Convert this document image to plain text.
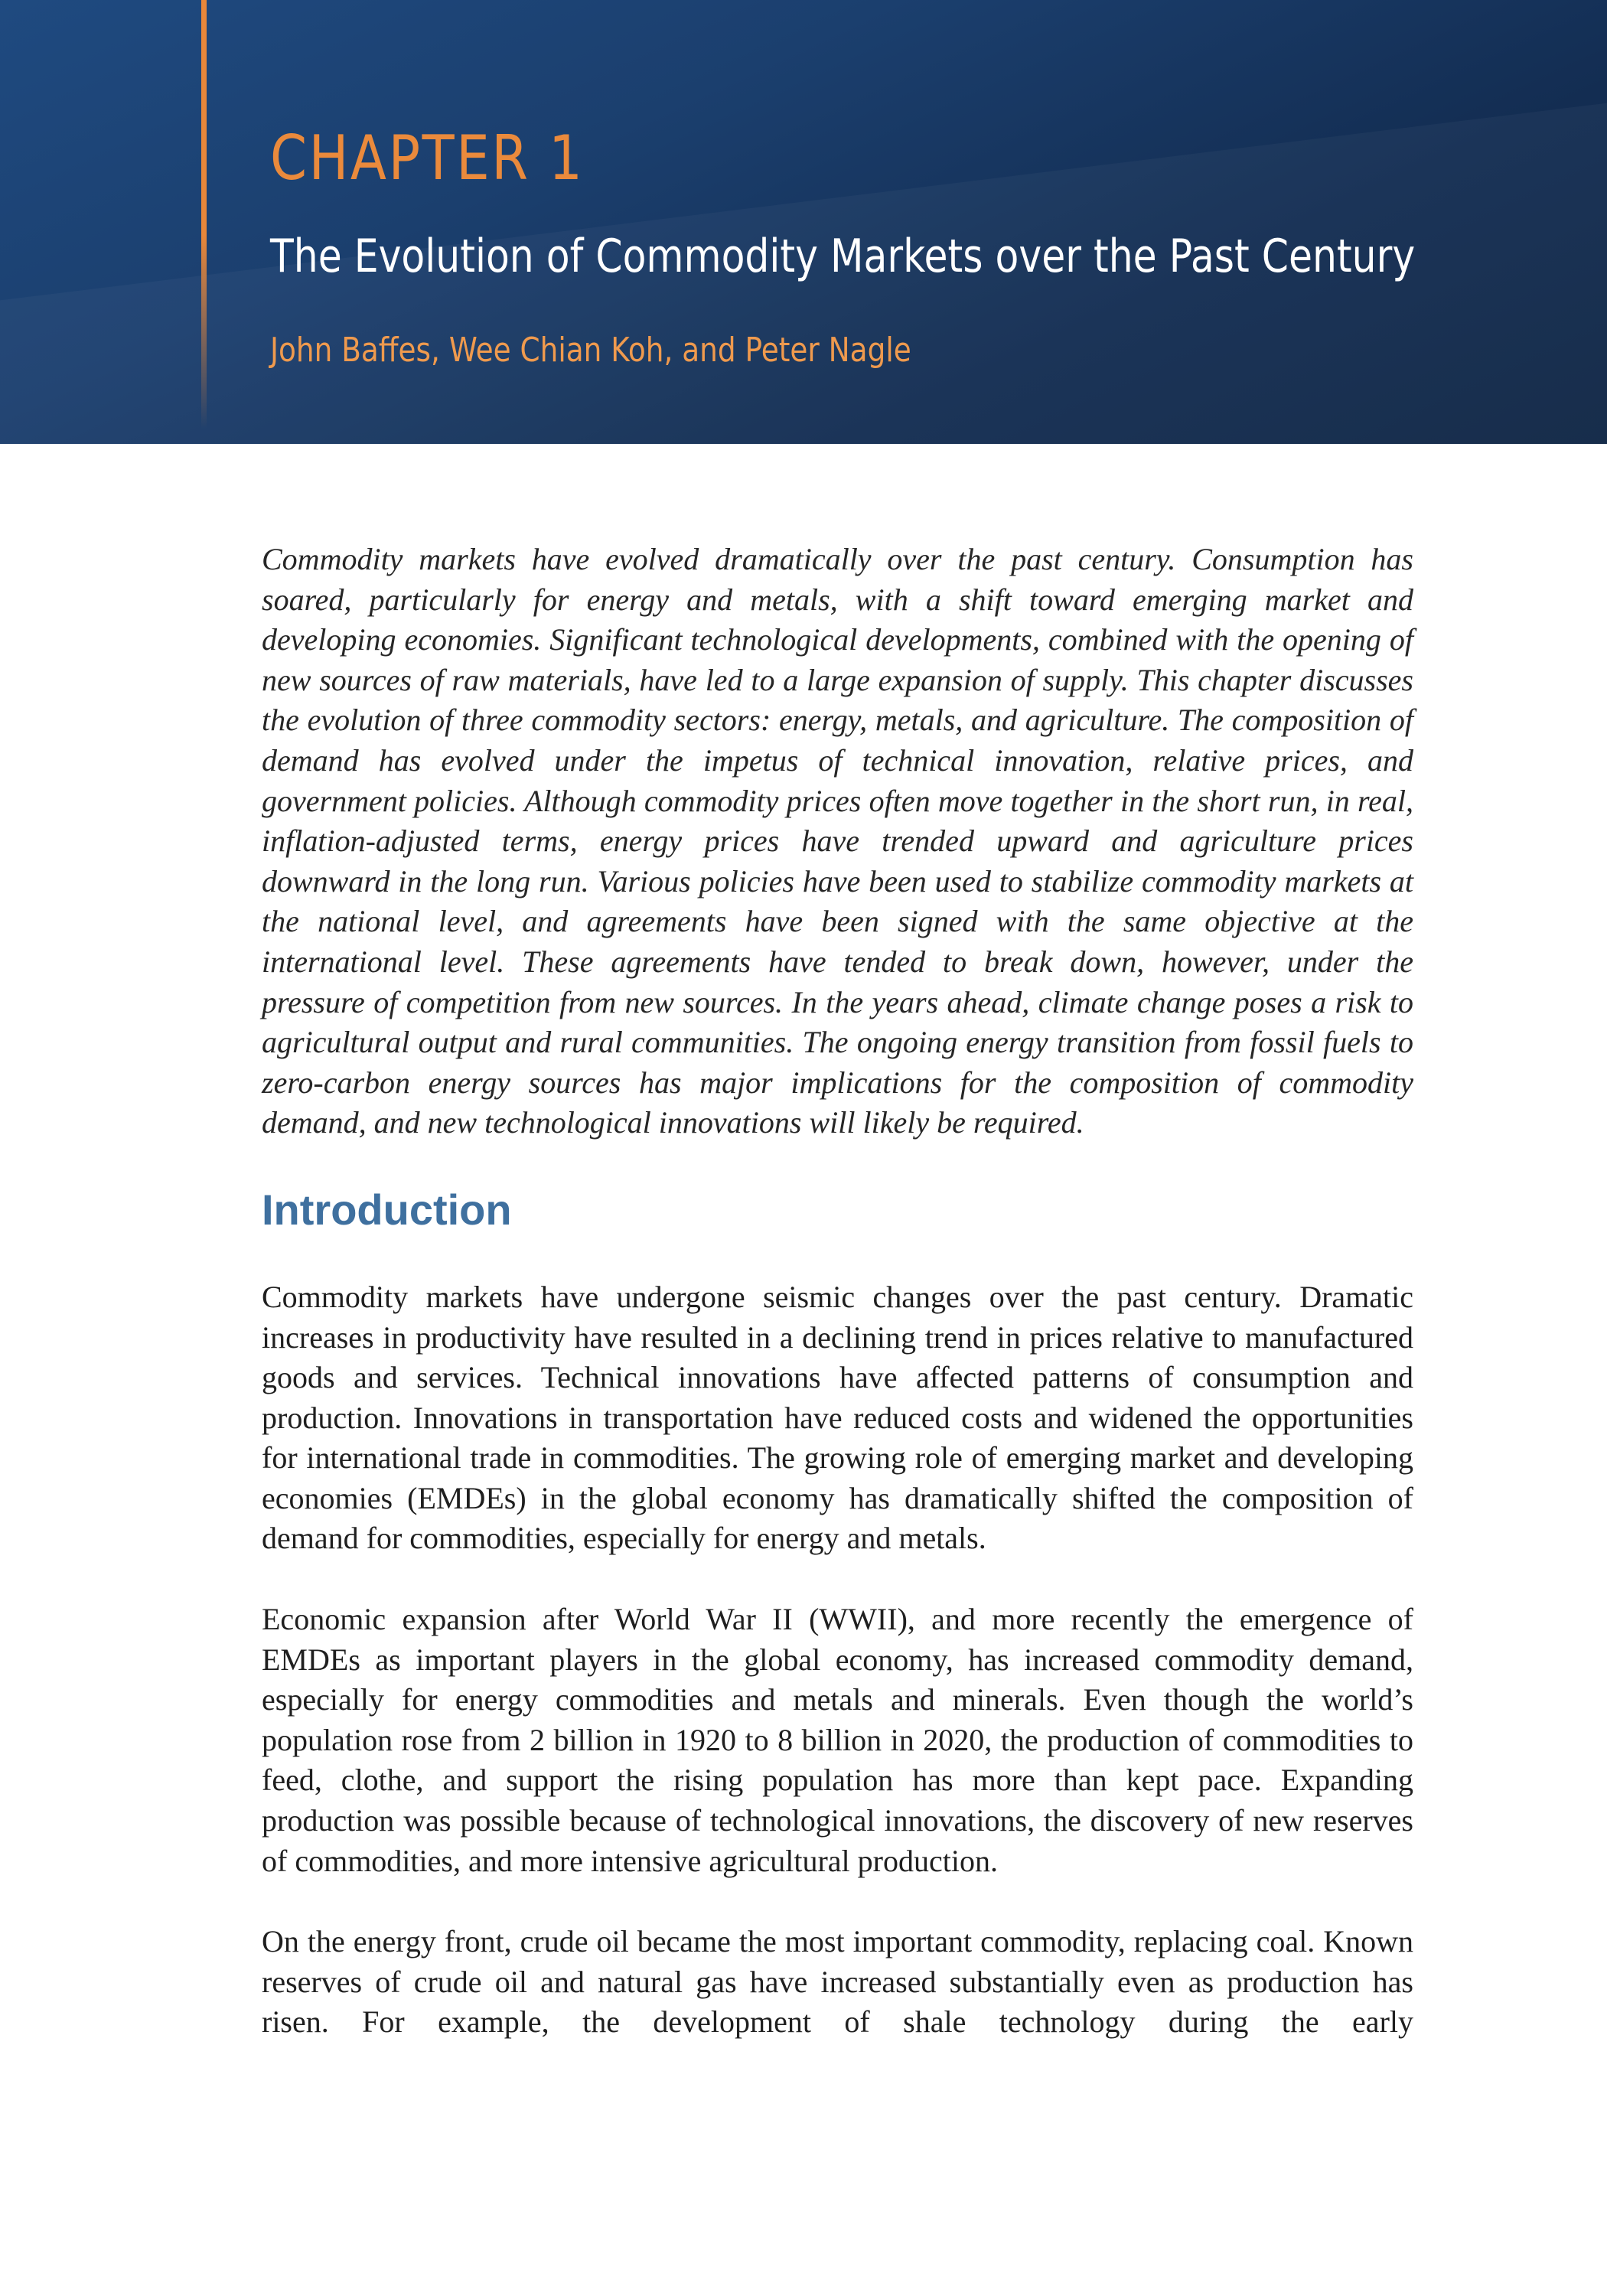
CHAPTER 1
The Evolution of Commodity Markets over the Past Century
John Baffes, Wee Chian Koh, and Peter Nagle

Commodity markets have evolved dramatically over the past century. Consumption has soared, particularly for energy and metals, with a shift toward emerging market and developing economies. Significant technological developments, combined with the opening of new sources of raw materials, have led to a large expansion of supply. This chapter discusses the evolution of three commodity sectors: energy, metals, and agriculture. The composition of demand has evolved under the impetus of technical innovation, relative prices, and government policies. Although commodity prices often move together in the short run, in real, inflation-adjusted terms, energy prices have trended upward and agriculture prices downward in the long run. Various policies have been used to stabilize commodity markets at the national level, and agreements have been signed with the same objective at the international level. These agreements have tended to break down, however, under the pressure of competition from new sources. In the years ahead, climate change poses a risk to agricultural output and rural communities. The ongoing energy transition from fossil fuels to zero-carbon energy sources has major implications for the composition of commodity demand, and new technological innovations will likely be required.

Introduction

Commodity markets have undergone seismic changes over the past century. Dramatic increases in productivity have resulted in a declining trend in prices relative to manufactured goods and services. Technical innovations have affected patterns of consumption and production. Innovations in transportation have reduced costs and widened the opportunities for international trade in commodities. The growing role of emerging market and developing economies (EMDEs) in the global economy has dramatically shifted the composition of demand for commodities, especially for energy and metals.

Economic expansion after World War II (WWII), and more recently the emergence of EMDEs as important players in the global economy, has increased commodity demand, especially for energy commodities and metals and minerals. Even though the world’s population rose from 2 billion in 1920 to 8 billion in 2020, the production of commodities to feed, clothe, and support the rising population has more than kept pace. Expanding production was possible because of technological innovations, the discovery of new reserves of commodities, and more intensive agricultural production.

On the energy front, crude oil became the most important commodity, replacing coal. Known reserves of crude oil and natural gas have increased substantially even as production has risen. For example, the development of shale technology during the early
